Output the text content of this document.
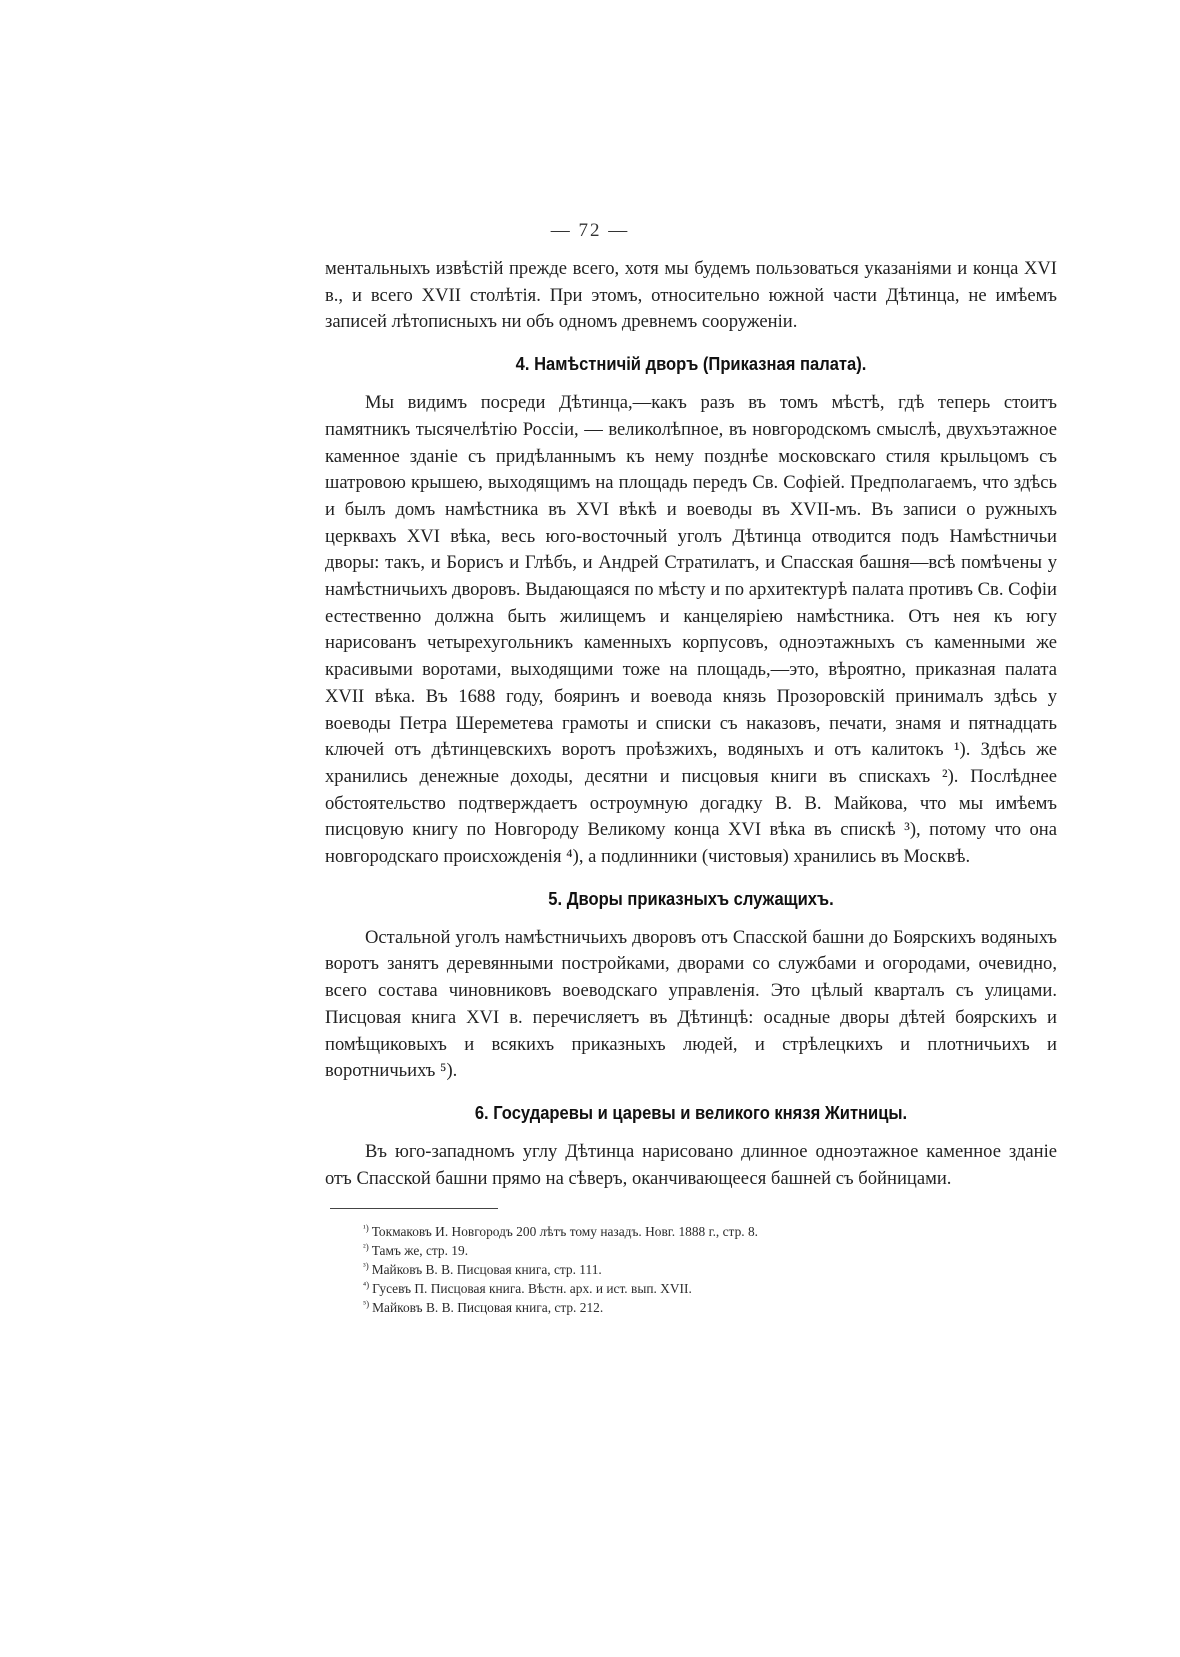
— 72 —

ментальныхъ извѣстій прежде всего, хотя мы будемъ пользоваться указаніями и конца XVI в., и всего XVII столѣтія. При этомъ, относительно южной части Дѣтинца, не имѣемъ записей лѣтописныхъ ни объ одномъ древнемъ сооруженіи.

4. Намѣстничій дворъ (Приказная палата).

Мы видимъ посреди Дѣтинца,—какъ разъ въ томъ мѣстѣ, гдѣ теперь стоитъ памятникъ тысячелѣтію Россіи, — великолѣпное, въ новгородскомъ смыслѣ, двухъэтажное каменное зданіе съ придѣланнымъ къ нему позднѣе московскаго стиля крыльцомъ съ шатровою крышею, выходящимъ на площадь передъ Св. Софіей. Предполагаемъ, что здѣсь и былъ домъ намѣстника въ XVI вѣкѣ и воеводы въ XVII-мъ. Въ записи о ружныхъ церквахъ XVI вѣка, весь юго-восточный уголъ Дѣтинца отводится подъ Намѣстничьи дворы: такъ, и Борисъ и Глѣбъ, и Андрей Стратилатъ, и Спасская башня—всѣ помѣчены у намѣстничьихъ дворовъ. Выдающаяся по мѣсту и по архитектурѣ палата противъ Св. Софіи естественно должна быть жилищемъ и канцеляріею намѣстника. Отъ нея къ югу нарисованъ четырехугольникъ каменныхъ корпусовъ, одноэтажныхъ съ каменными же красивыми воротами, выходящими тоже на площадь,—это, вѣроятно, приказная палата XVII вѣка. Въ 1688 году, бояринъ и воевода князь Прозоровскій принималъ здѣсь у воеводы Петра Шереметева грамоты и списки съ наказовъ, печати, знамя и пятнадцать ключей отъ дѣтинцевскихъ воротъ проѣзжихъ, водяныхъ и отъ калитокъ ¹). Здѣсь же хранились денежные доходы, десятни и писцовыя книги въ спискахъ ²). Послѣднее обстоятельство подтверждаетъ остроумную догадку В. В. Майкова, что мы имѣемъ писцовую книгу по Новгороду Великому конца XVI вѣка въ спискѣ ³), потому что она новгородскаго происхожденія ⁴), а подлинники (чистовыя) хранились въ Москвѣ.

5. Дворы приказныхъ служащихъ.

Остальной уголъ намѣстничьихъ дворовъ отъ Спасской башни до Боярскихъ водяныхъ воротъ занятъ деревянными постройками, дворами со службами и огородами, очевидно, всего состава чиновниковъ воеводскаго управленія. Это цѣлый кварталъ съ улицами. Писцовая книга XVI в. перечисляетъ въ Дѣтинцѣ: осадные дворы дѣтей боярскихъ и помѣщиковыхъ и всякихъ приказныхъ людей, и стрѣлецкихъ и плотничьихъ и воротничьихъ ⁵).

6. Государевы и царевы и великого князя Житницы.

Въ юго-западномъ углу Дѣтинца нарисовано длинное одноэтажное каменное зданіе отъ Спасской башни прямо на сѣверъ, оканчивающееся башней съ бойницами.

$^{^1)}$ Токмаковъ И. Новгородъ 200 лѣтъ тому назадъ. Новг. 1888 г., стр. 8.

$^{^2)}$ Тамъ же, стр. 19.

$^{^3)}$ Майковъ В. В. Писцовая книга, стр. 111.

$^{^4)}$ Гусевъ П. Писцовая книга. Вѣстн. арх. и ист. вып. XVII.

$^{^5)}$ Майковъ В. В. Писцовая книга, стр. 212.
